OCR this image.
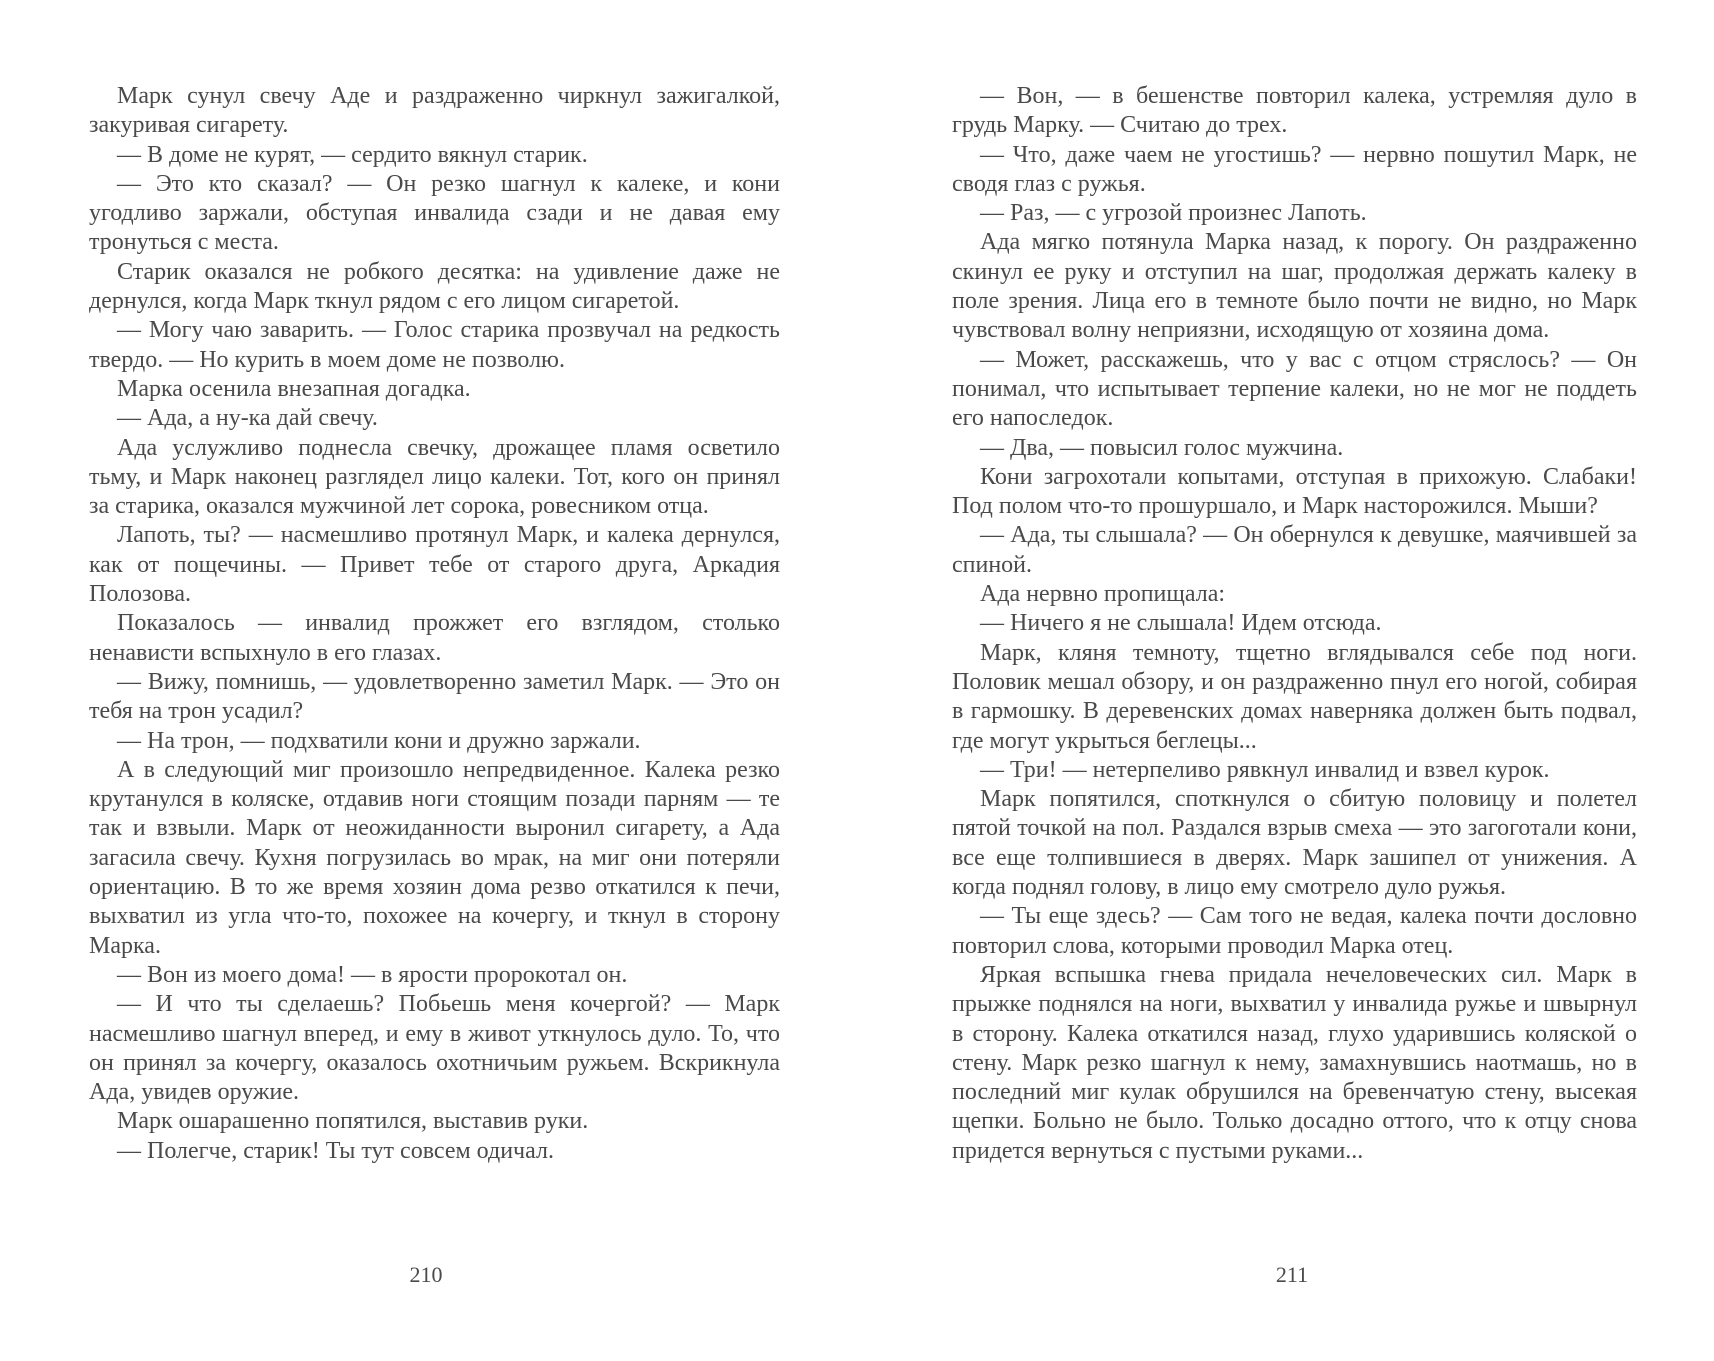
Марк сунул свечу Аде и раздраженно чиркнул зажигалкой, закуривая сигарету.

— В доме не курят, — сердито вякнул старик.

— Это кто сказал? — Он резко шагнул к калеке, и кони угодливо заржали, обступая инвалида сзади и не давая ему тронуться с места.

Старик оказался не робкого десятка: на удивление даже не дернулся, когда Марк ткнул рядом с его лицом сигаретой.

— Могу чаю заварить. — Голос старика прозвучал на редкость твердо. — Но курить в моем доме не позволю.

Марка осенила внезапная догадка.

— Ада, а ну-ка дай свечу.

Ада услужливо поднесла свечку, дрожащее пламя осветило тьму, и Марк наконец разглядел лицо калеки. Тот, кого он принял за старика, оказался мужчиной лет сорока, ровесником отца.

Лапоть, ты? — насмешливо протянул Марк, и калека дернулся, как от пощечины. — Привет тебе от старого друга, Аркадия Полозова.

Показалось — инвалид прожжет его взглядом, столько ненависти вспыхнуло в его глазах.

— Вижу, помнишь, — удовлетворенно заметил Марк. — Это он тебя на трон усадил?

— На трон, — подхватили кони и дружно заржали.

А в следующий миг произошло непредвиденное. Калека резко крутанулся в коляске, отдавив ноги стоящим позади парням — те так и взвыли. Марк от неожиданности выронил сигарету, а Ада загасила свечу. Кухня погрузилась во мрак, на миг они потеряли ориентацию. В то же время хозяин дома резво откатился к печи, выхватил из угла что-то, похожее на кочергу, и ткнул в сторону Марка.

— Вон из моего дома! — в ярости пророкотал он.

— И что ты сделаешь? Побьешь меня кочергой? — Марк насмешливо шагнул вперед, и ему в живот уткнулось дуло. То, что он принял за кочергу, оказалось охотничьим ружьем. Вскрикнула Ада, увидев оружие.

Марк ошарашенно попятился, выставив руки.

— Полегче, старик! Ты тут совсем одичал.

210

— Вон, — в бешенстве повторил калека, устремляя дуло в грудь Марку. — Считаю до трех.

— Что, даже чаем не угостишь? — нервно пошутил Марк, не сводя глаз с ружья.

— Раз, — с угрозой произнес Лапоть.

Ада мягко потянула Марка назад, к порогу. Он раздраженно скинул ее руку и отступил на шаг, продолжая держать калеку в поле зрения. Лица его в темноте было почти не видно, но Марк чувствовал волну неприязни, исходящую от хозяина дома.

— Может, расскажешь, что у вас с отцом стряслось? — Он понимал, что испытывает терпение калеки, но не мог не поддеть его напоследок.

— Два, — повысил голос мужчина.

Кони загрохотали копытами, отступая в прихожую. Слабаки! Под полом что-то прошуршало, и Марк насторожился. Мыши?

— Ада, ты слышала? — Он обернулся к девушке, маячившей за спиной.

Ада нервно пропищала:

— Ничего я не слышала! Идем отсюда.

Марк, кляня темноту, тщетно вглядывался себе под ноги. Половик мешал обзору, и он раздраженно пнул его ногой, собирая в гармошку. В деревенских домах наверняка должен быть подвал, где могут укрыться беглецы...

— Три! — нетерпеливо рявкнул инвалид и взвел курок.

Марк попятился, споткнулся о сбитую половицу и полетел пятой точкой на пол. Раздался взрыв смеха — это загоготали кони, все еще толпившиеся в дверях. Марк зашипел от унижения. А когда поднял голову, в лицо ему смотрело дуло ружья.

— Ты еще здесь? — Сам того не ведая, калека почти дословно повторил слова, которыми проводил Марка отец.

Яркая вспышка гнева придала нечеловеческих сил. Марк в прыжке поднялся на ноги, выхватил у инвалида ружье и швырнул в сторону. Калека откатился назад, глухо ударившись коляской о стену. Марк резко шагнул к нему, замахнувшись наотмашь, но в последний миг кулак обрушился на бревенчатую стену, высекая щепки. Больно не было. Только досадно оттого, что к отцу снова придется вернуться с пустыми руками...

211
